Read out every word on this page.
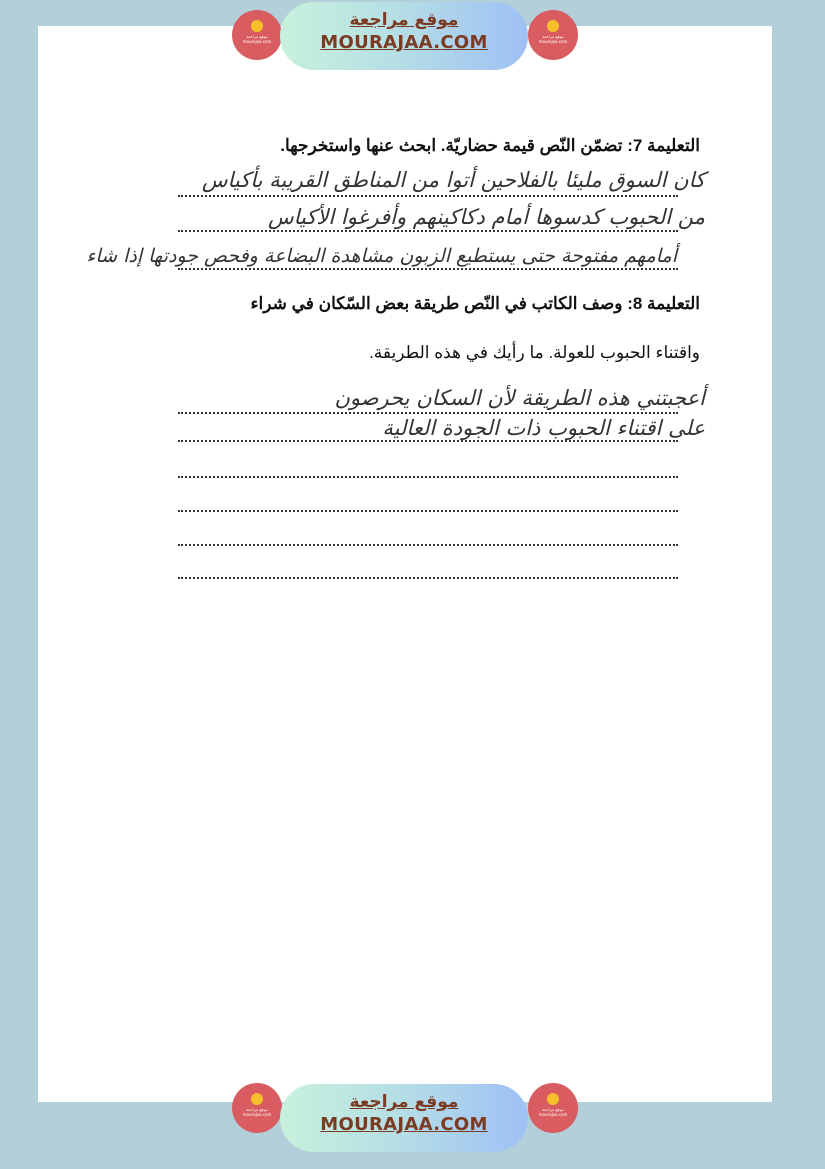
موقع مراجعة
mourajaa.com
موقع مراجعة
MOURAJAA.COM	موقع مراجعة
mourajaa.com
التعليمة 7: تضمّن النّص قيمة حضاريّة. ابحث عنها واستخرجها.
كان السوق مليئا بالفلاحين أتوا من المناطق القريبة بأكياس
من الحبوب كدسوها أمام دكاكينهم وأفرغوا الأكياس
أمامهم مفتوحة حتى يستطيع الزبون مشاهدة البضاعة وفحص جودتها إذا شاء
التعليمة 8: وصف الكاتب في النّص طريقة بعض السّكان في شراء
واقتناء الحبوب للعولة. ما رأيك في هذه الطريقة.
أعجبتني هذه الطريقة لأن السكان يحرصون
على اقتناء الحبوب ذات الجودة العالية
موقع مراجعة
mourajaa.com
موقع مراجعة
MOURAJAA.COM
موقع مراجعة
mourajaa.com
